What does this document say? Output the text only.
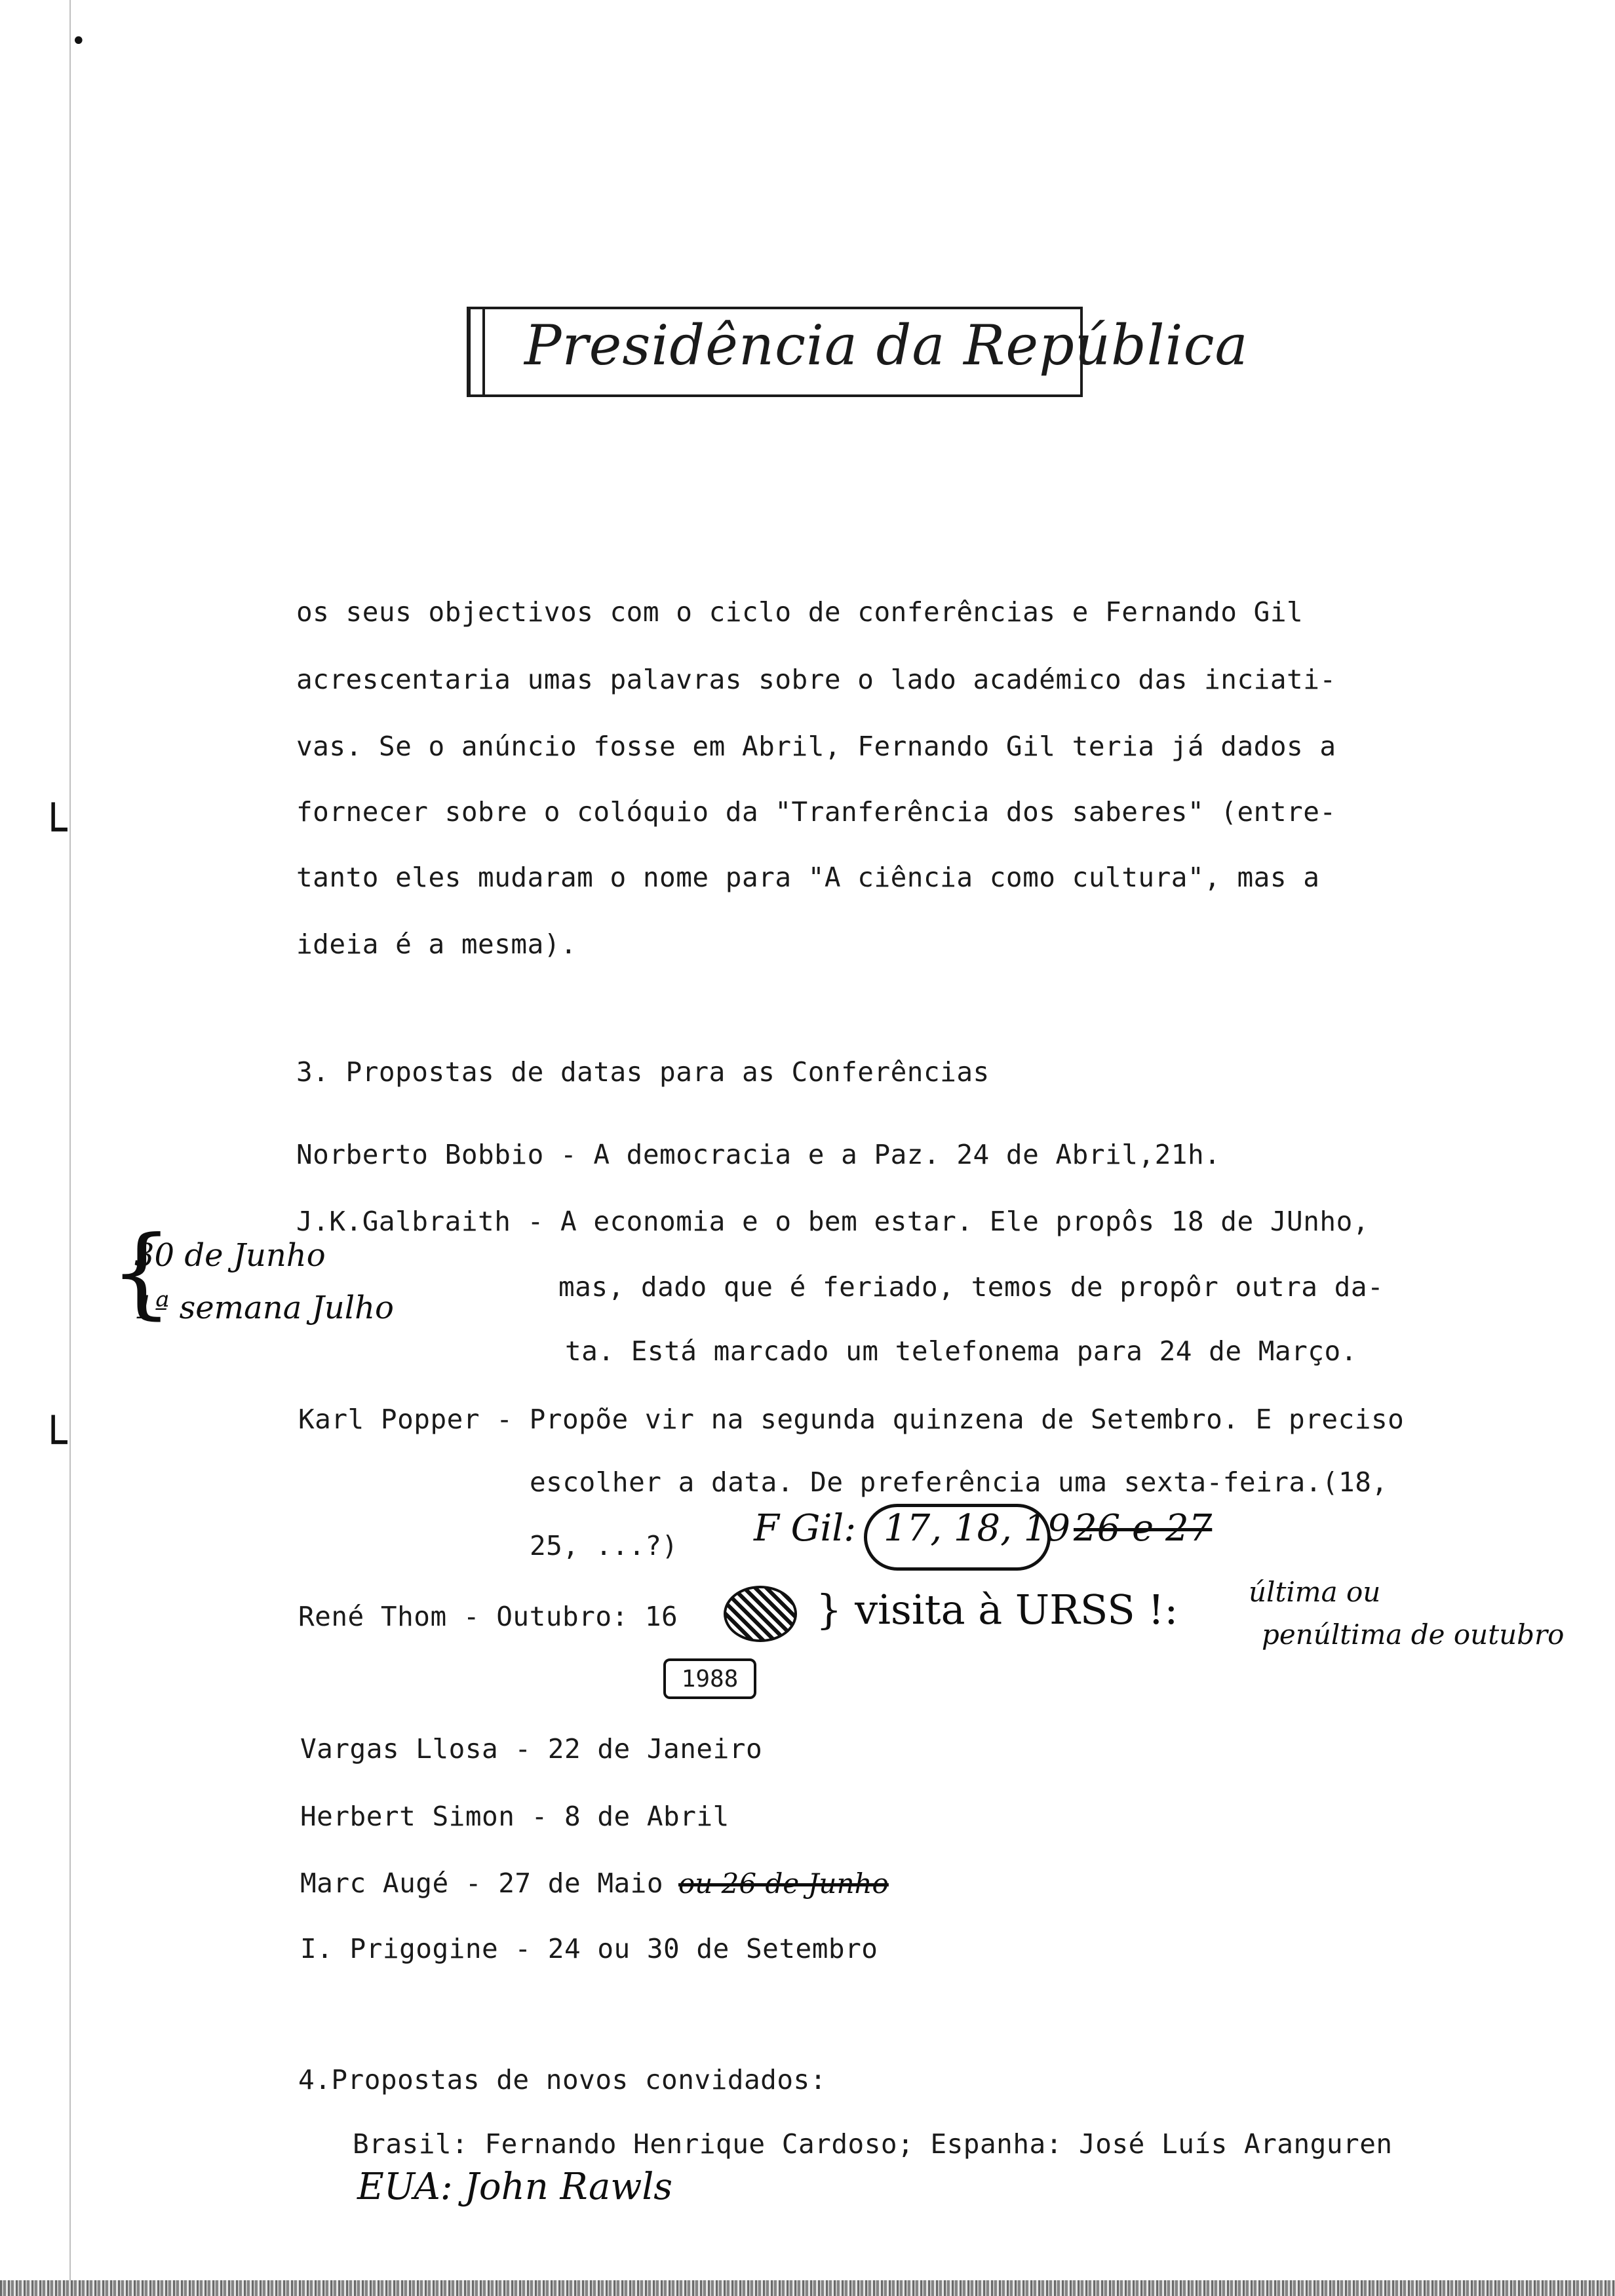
└
└
•
Presidência da República
os seus objectivos com o ciclo de conferências e Fernando Gil
acrescentaria umas palavras sobre o lado académico das inciati-
vas. Se o anúncio fosse em Abril, Fernando Gil teria já dados a
fornecer sobre o colóquio da "Tranferência dos saberes" (entre-
tanto eles mudaram o nome para "A ciência como cultura", mas a
ideia é a mesma).
3. Propostas de datas para as Conferências
Norberto Bobbio - A democracia e a Paz. 24 de Abril,21h.
J.K.Galbraith - A economia e o bem estar. Ele propôs 18 de JUnho,
mas, dado que é feriado, temos de propôr outra da-
ta. Está marcado um telefonema para 24 de Março.
Karl Popper - Propõe vir na segunda quinzena de Setembro. E preciso
escolher a data. De preferência uma sexta-feira.(18,
25, ...?)
René Thom - Outubro: 16
Vargas Llosa - 22 de Janeiro
Herbert Simon - 8 de Abril
Marc Augé - 27 de Maio
I. Prigogine - 24 ou 30 de Setembro
4.Propostas de novos convidados:
Brasil: Fernando Henrique Cardoso; Espanha: José Luís Aranguren
{
30 de Junho
1ª semana Julho
F Gil: 17, 18, 19 26 e 27
1988
} visita à URSS !:	última ou
penúltima de outubro
ou 26 de Junho
EUA: John Rawls
